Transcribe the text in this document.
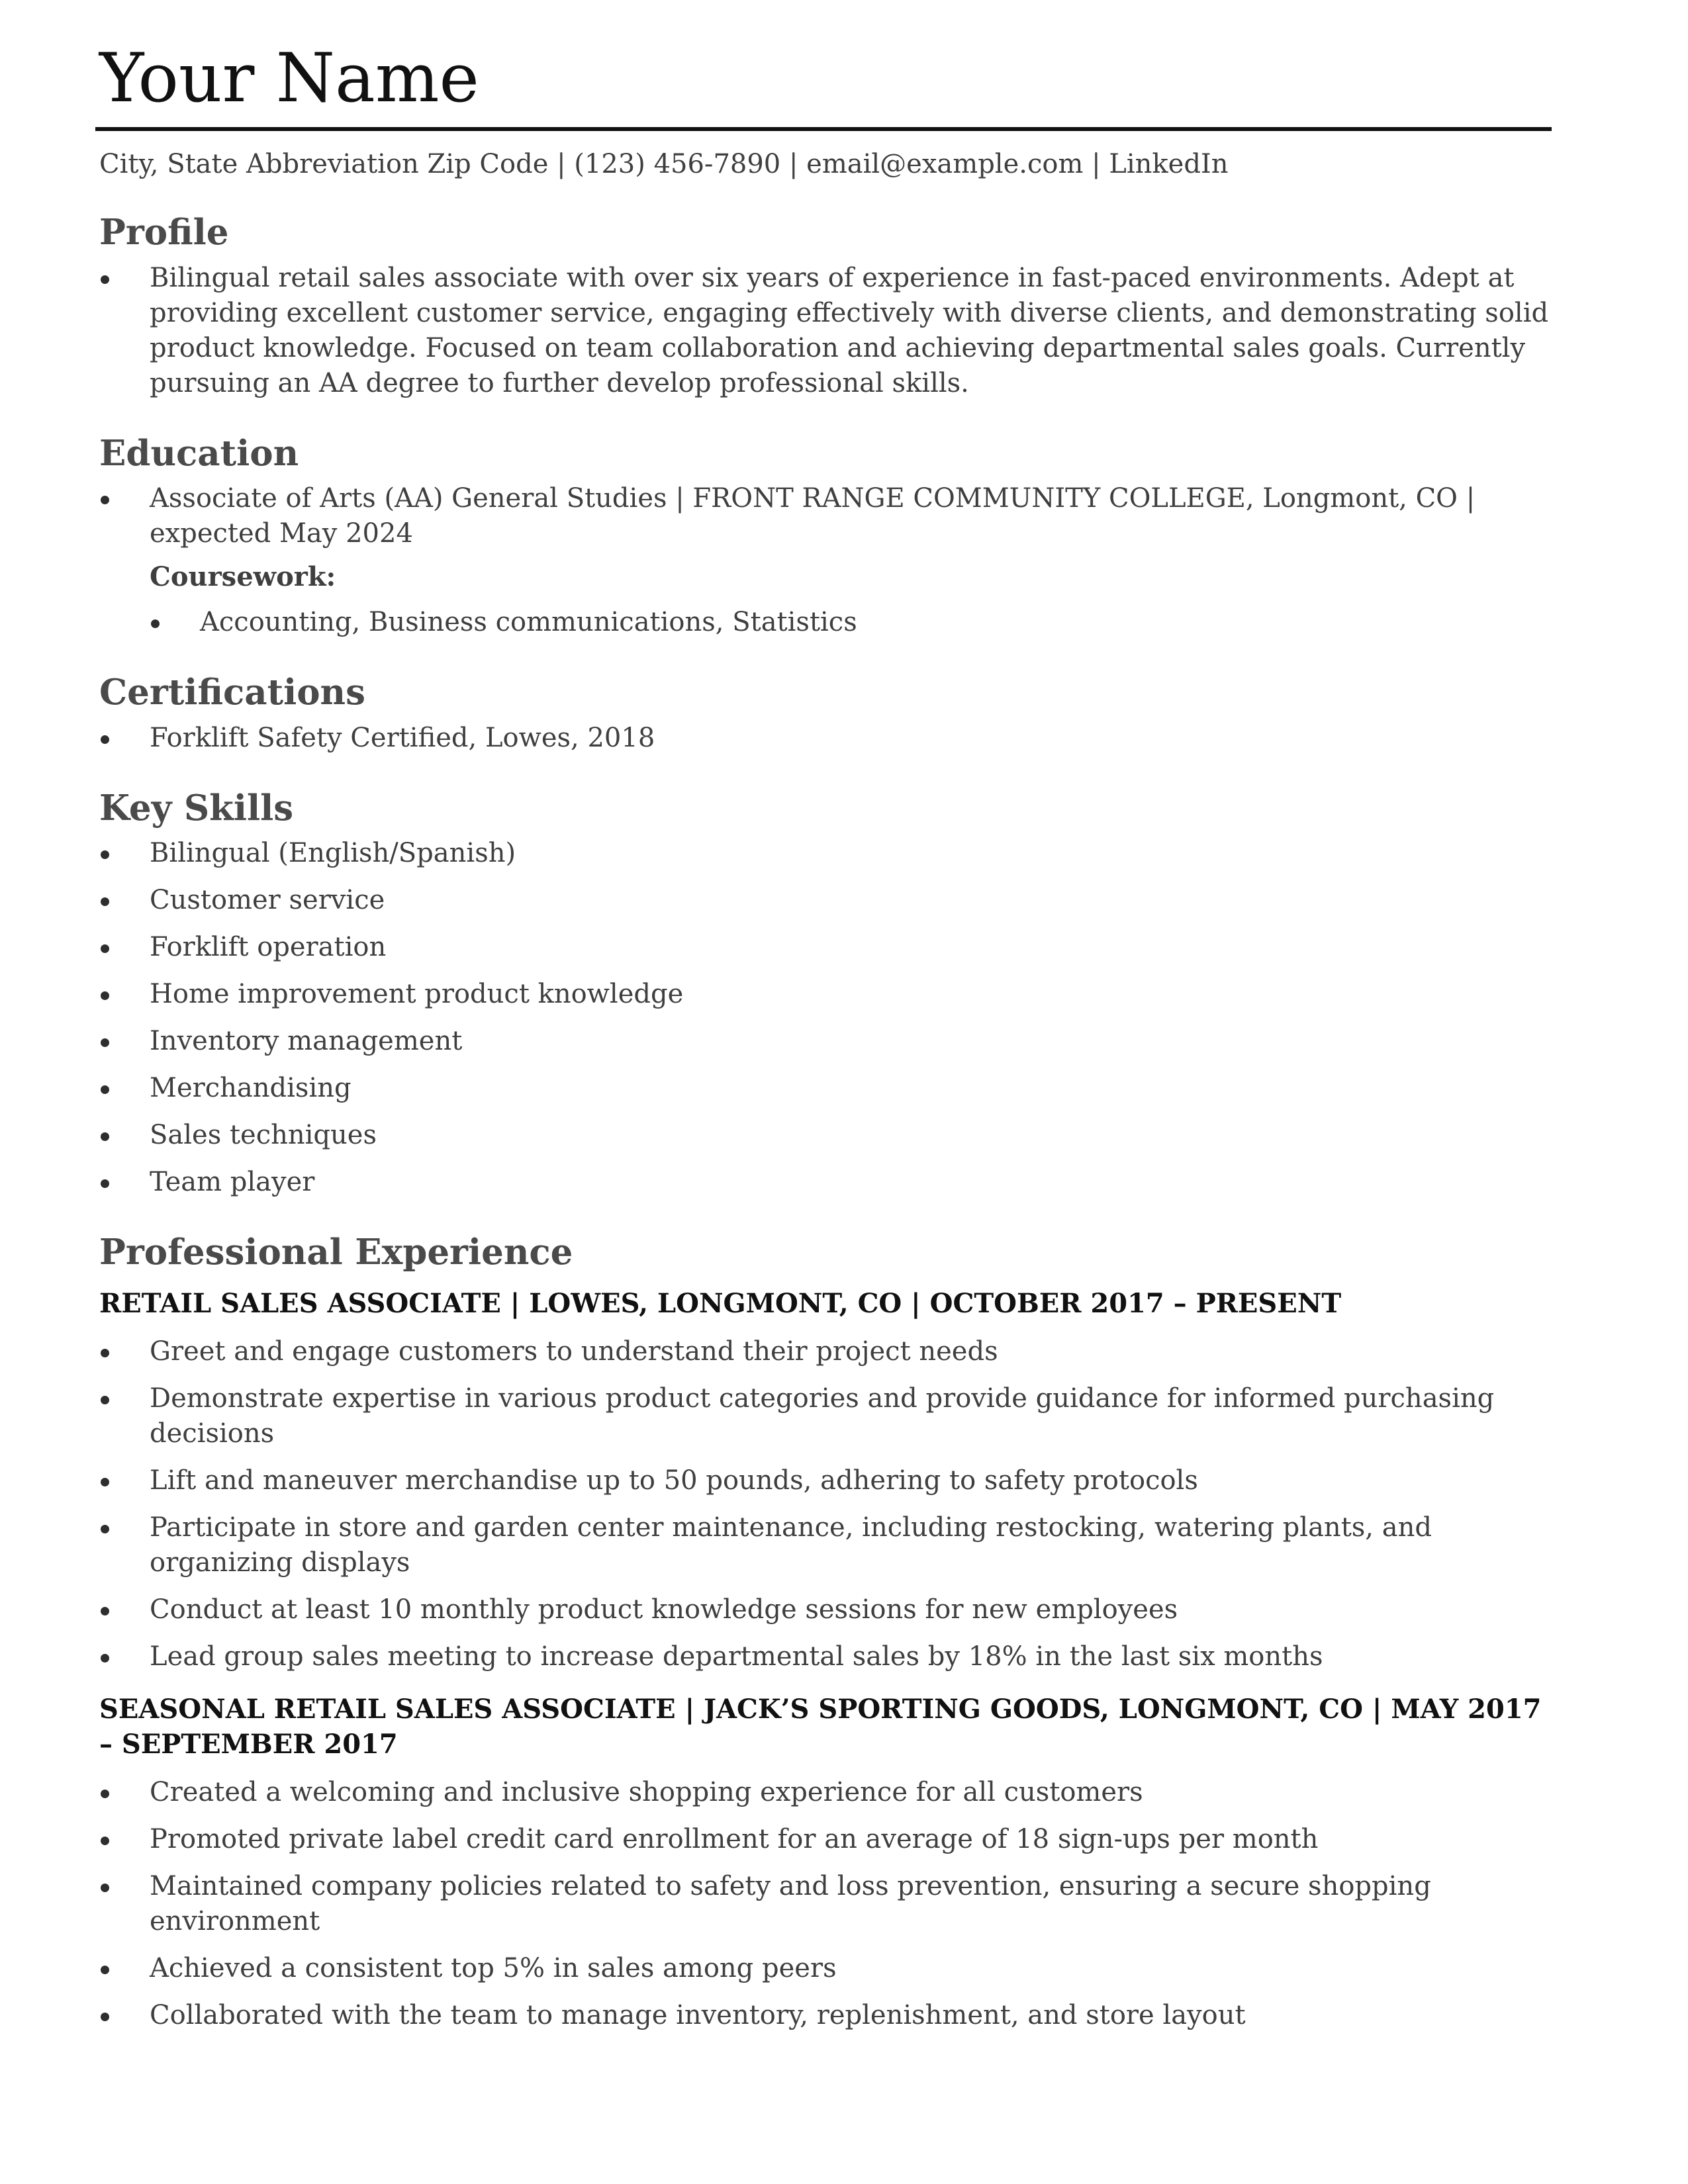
Your Name
City, State Abbreviation Zip Code | (123) 456-7890 | email@example.com | LinkedIn
Profile
Bilingual retail sales associate with over six years of experience in fast-paced environments. Adept at providing excellent customer service, engaging effectively with diverse clients, and demonstrating solid product knowledge. Focused on team collaboration and achieving departmental sales goals. Currently pursuing an AA degree to further develop professional skills.
Education
Associate of Arts (AA) General Studies | FRONT RANGE COMMUNITY COLLEGE, Longmont, CO | expected May 2024
Coursework:
Accounting, Business communications, Statistics
Certifications
Forklift Safety Certified, Lowes, 2018
Key Skills
Bilingual (English/Spanish)
Customer service
Forklift operation
Home improvement product knowledge
Inventory management
Merchandising
Sales techniques
Team player
Professional Experience
RETAIL SALES ASSOCIATE | LOWES, LONGMONT, CO | OCTOBER 2017 – PRESENT
Greet and engage customers to understand their project needs
Demonstrate expertise in various product categories and provide guidance for informed purchasing decisions
Lift and maneuver merchandise up to 50 pounds, adhering to safety protocols
Participate in store and garden center maintenance, including restocking, watering plants, and organizing displays
Conduct at least 10 monthly product knowledge sessions for new employees
Lead group sales meeting to increase departmental sales by 18% in the last six months
SEASONAL RETAIL SALES ASSOCIATE | JACK’S SPORTING GOODS, LONGMONT, CO | MAY 2017 – SEPTEMBER 2017
Created a welcoming and inclusive shopping experience for all customers
Promoted private label credit card enrollment for an average of 18 sign-ups per month
Maintained company policies related to safety and loss prevention, ensuring a secure shopping environment
Achieved a consistent top 5% in sales among peers
Collaborated with the team to manage inventory, replenishment, and store layout
